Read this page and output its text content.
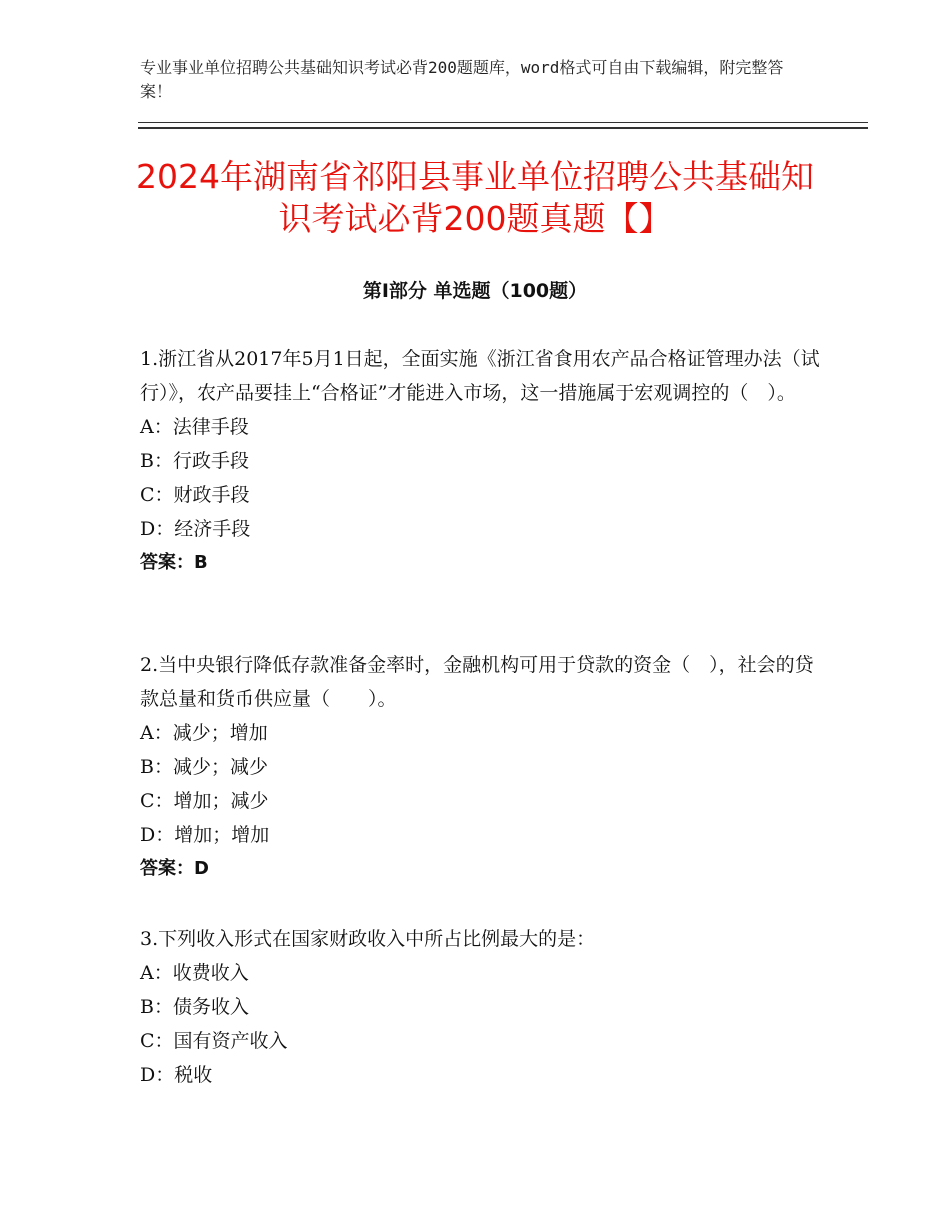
专业事业单位招聘公共基础知识考试必背200题题库，word格式可自由下载编辑，附完整答案！
2024年湖南省祁阳县事业单位招聘公共基础知识考试必背200题真题【】
第Ⅰ部分 单选题（100题）
1.浙江省从2017年5月1日起，全面实施《浙江省食用农产品合格证管理办法（试行）》，农产品要挂上“合格证”才能进入市场，这一措施属于宏观调控的（　）。
A：法律手段
B：行政手段
C：财政手段
D：经济手段
答案：B
2.当中央银行降低存款准备金率时，金融机构可用于贷款的资金（　），社会的贷款总量和货币供应量（　　）。
A：减少；增加
B：减少；减少
C：增加；减少
D：增加；增加
答案：D
3.下列收入形式在国家财政收入中所占比例最大的是：
A：收费收入
B：债务收入
C：国有资产收入
D：税收
